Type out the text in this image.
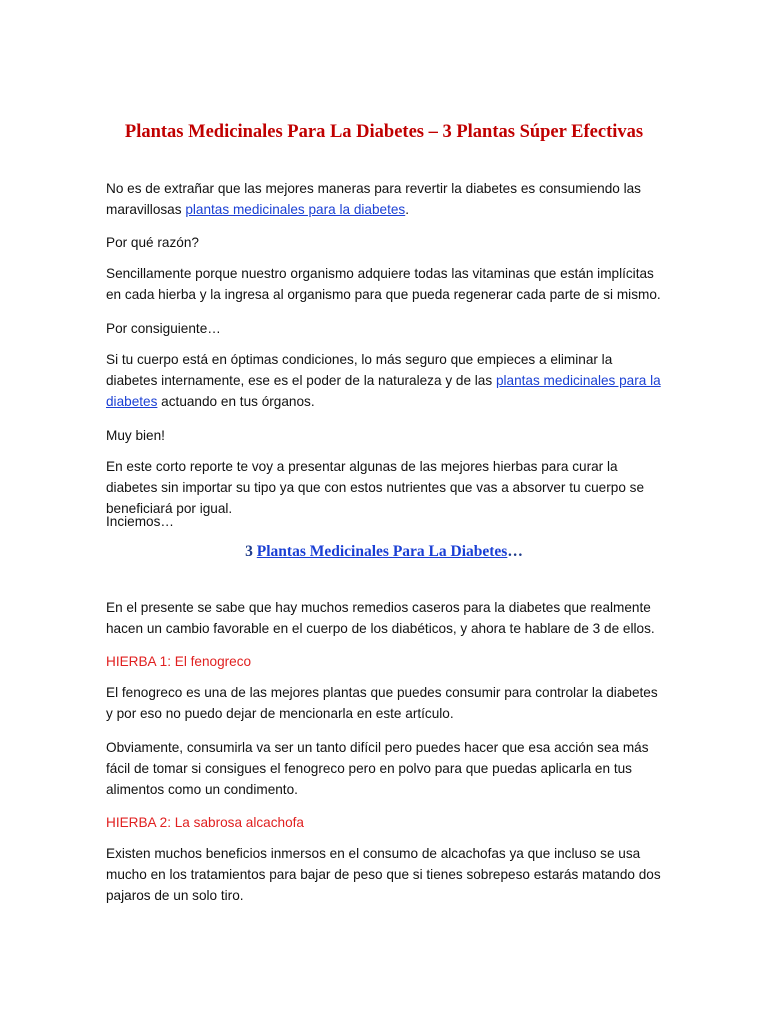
Plantas Medicinales Para La Diabetes – 3 Plantas Súper Efectivas

No es de extrañar que las mejores maneras para revertir la diabetes es consumiendo las maravillosas plantas medicinales para la diabetes.

Por qué razón?

Sencillamente porque nuestro organismo adquiere todas las vitaminas que están implícitas en cada hierba y la ingresa al organismo para que pueda regenerar cada parte de si mismo.

Por consiguiente…

Si tu cuerpo está en óptimas condiciones, lo más seguro que empieces a eliminar la diabetes internamente, ese es el poder de la naturaleza y de las plantas medicinales para la diabetes actuando en tus órganos.

Muy bien!

En este corto reporte te voy a presentar algunas de las mejores hierbas para curar la diabetes sin importar su tipo ya que con estos nutrientes que vas a absorver tu cuerpo se beneficiará por igual.

Inciemos…

3 Plantas Medicinales Para La Diabetes…

En el presente se sabe que hay muchos remedios caseros para la diabetes que realmente hacen un cambio favorable en el cuerpo de los diabéticos, y ahora te hablare de 3 de ellos.

HIERBA 1: El fenogreco

El fenogreco es una de las mejores plantas que puedes consumir para controlar la diabetes y por eso no puedo dejar de mencionarla en este artículo.

Obviamente, consumirla va ser un tanto difícil pero puedes hacer que esa acción sea más fácil de tomar si consigues el fenogreco pero en polvo para que puedas aplicarla en tus alimentos como un condimento.

HIERBA 2: La sabrosa alcachofa

Existen muchos beneficios inmersos en el consumo de alcachofas ya que incluso se usa mucho en los tratamientos para bajar de peso que si tienes sobrepeso estarás matando dos pajaros de un solo tiro.
